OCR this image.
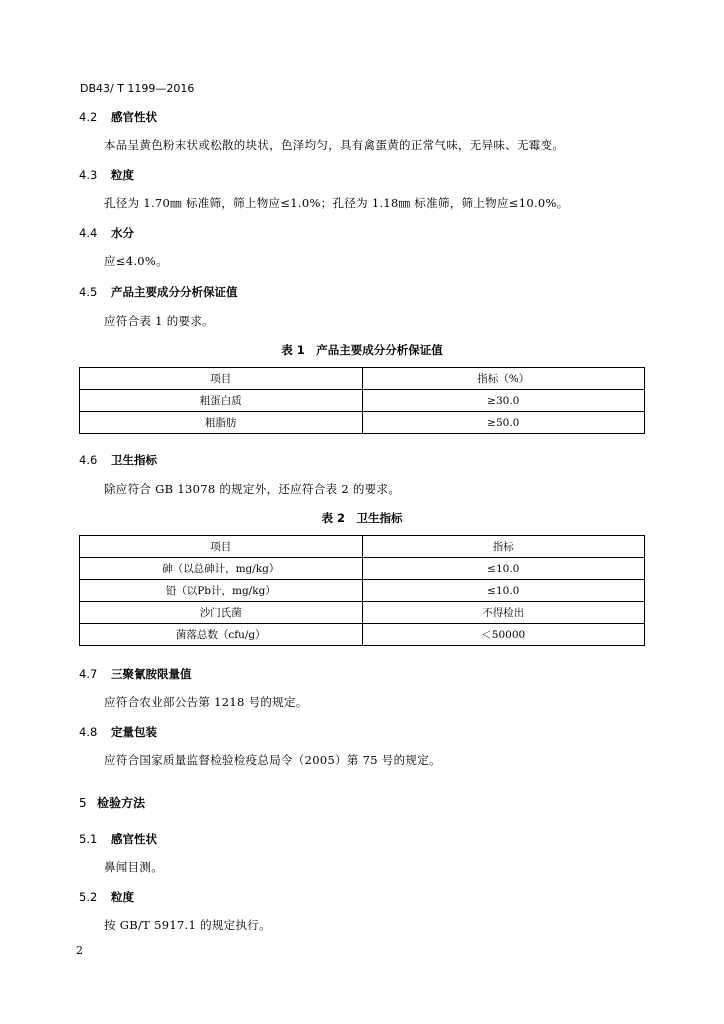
DB43/ T 1199—2016
4.2 感官性状
本品呈黄色粉末状或松散的块状，色泽均匀，具有禽蛋黄的正常气味，无异味、无霉变。
4.3 粒度
孔径为 1.70㎜ 标准筛，筛上物应≤1.0%；孔径为 1.18㎜ 标准筛，筛上物应≤10.0%。
4.4 水分
应≤4.0%。
4.5 产品主要成分分析保证值
应符合表 1 的要求。
表 1　产品主要成分分析保证值
项目	指标（%）
粗蛋白质	≥30.0
粗脂肪	≥50.0
4.6 卫生指标
除应符合 GB 13078 的规定外，还应符合表 2 的要求。
表 2　卫生指标
项目	指标
砷（以总砷计，mg/kg）	≤10.0
铅（以Pb计，mg/kg）	≤10.0
沙门氏菌	不得检出
菌落总数（cfu/g）	＜50000
4.7 三聚氰胺限量值
应符合农业部公告第 1218 号的规定。
4.8 定量包装
应符合国家质量监督检验检疫总局令（2005）第 75 号的规定。
5 检验方法
5.1 感官性状
鼻闻目测。
5.2 粒度
按 GB/T 5917.1 的规定执行。
2
